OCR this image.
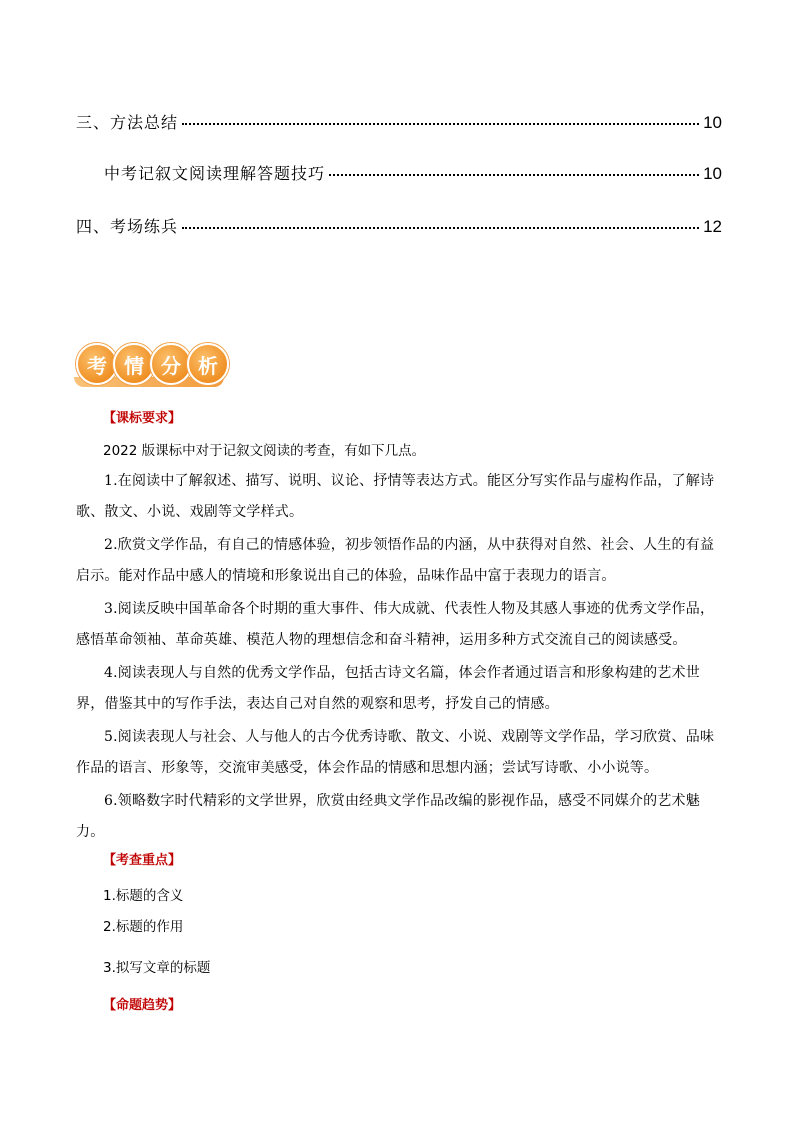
三、方法总结	10
中考记叙文阅读理解答题技巧	10
四、考场练兵	12
考 情 分 析
【课标要求】
2022 版课标中对于记叙文阅读的考查，有如下几点。

1.在阅读中了解叙述、描写、说明、议论、抒情等表达方式。能区分写实作品与虚构作品，了解诗歌、散文、小说、戏剧等文学样式。

2.欣赏文学作品，有自己的情感体验，初步领悟作品的内涵，从中获得对自然、社会、人生的有益启示。能对作品中感人的情境和形象说出自己的体验，品味作品中富于表现力的语言。

3.阅读反映中国革命各个时期的重大事件、伟大成就、代表性人物及其感人事迹的优秀文学作品，感悟革命领袖、革命英雄、模范人物的理想信念和奋斗精神，运用多种方式交流自己的阅读感受。

4.阅读表现人与自然的优秀文学作品，包括古诗文名篇，体会作者通过语言和形象构建的艺术世界，借鉴其中的写作手法，表达自己对自然的观察和思考，抒发自己的情感。

5.阅读表现人与社会、人与他人的古今优秀诗歌、散文、小说、戏剧等文学作品，学习欣赏、品味作品的语言、形象等，交流审美感受，体会作品的情感和思想内涵；尝试写诗歌、小小说等。

6.领略数字时代精彩的文学世界，欣赏由经典文学作品改编的影视作品，感受不同媒介的艺术魅力。

【考查重点】
1.标题的含义
2.标题的作用
3.拟写文章的标题
【命题趋势】
